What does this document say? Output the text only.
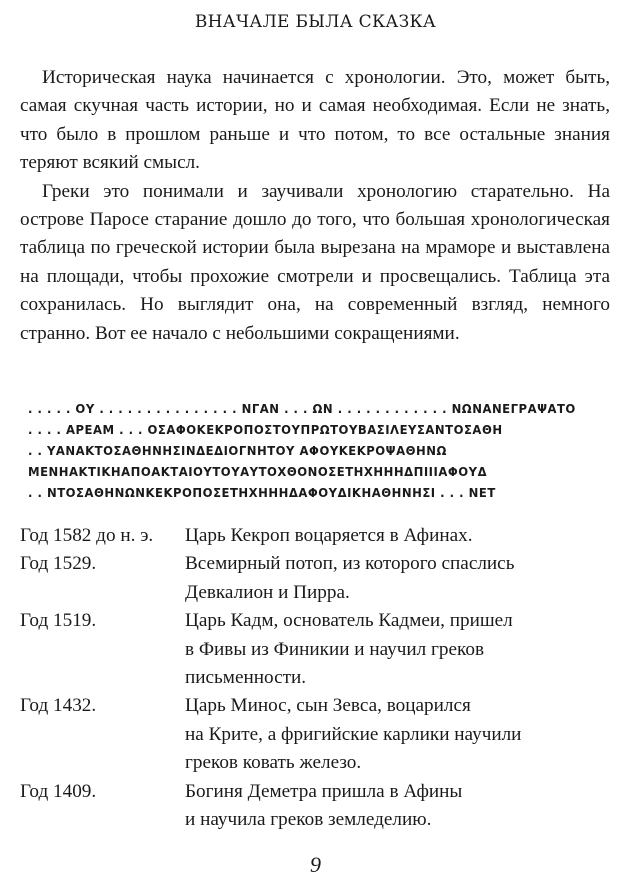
ВНАЧАЛЕ БЫЛА СКАЗКА

Историческая наука начинается с хронологии. Это, может быть, самая скучная часть истории, но и самая необходимая. Если не знать, что было в прошлом раньше и что потом, то все остальные знания теряют всякий смысл.

Греки это понимали и заучивали хронологию старательно. На острове Паросе старание дошло до того, что большая хронологическая таблица по греческой истории была вырезана на мраморе и выставлена на площади, чтобы прохожие смотрели и просвещались. Таблица эта сохранилась. Но выглядит она, на современный взгляд, немного странно. Вот ее начало с небольшими сокращениями.

. . . . . ΟΥ . . . . . . . . . . . . . . . ΝΓΑΝ . . . ΩΝ . . . . . . . . . . . . ΝΩΝΑΝΕΓΡΑΨΑΤΟ
. . . . ΑΡΕΑΜ . . . ΟΣΑΦΟΚΕΚΡΟΠΟΣΤΟΥΠΡΩΤΟΥΒΑΣΙΛΕΥΣΑΝΤΟΣΑΘΗ
. . ΥΑΝΑΚΤΟΣΑΘΗΝΗΣΙΝΔΕΔΙΟΓΝΗΤΟΥ ΑΦΟΥΚΕΚΡΟΨΑΘΗΝΩ
ΜΕΝΗΑΚΤΙΚΗΑΠΟΑΚΤΑΙΟΥΤΟΥΑΥΤΟΧΘΟΝΟΣΕΤΗΧΗΗΗΔΠΙΙΙΑΦΟΥΔ
. . ΝΤΟΣΑΘΗΝΩΝΚΕΚΡΟΠΟΣΕΤΗΧΗΗΗΔΑΦΟΥΔΙΚΗΑΘΗΝΗΣΙ . . . ΝΕΤ
Год 1582 до н. э.	Царь Кекроп воцаряется в Афинах.
Год 1529.	Всемирный потоп, из которого спаслись
Девкалион и Пирра.
Год 1519.	Царь Кадм, основатель Кадмеи, пришел
в Фивы из Финикии и научил греков
письменности.
Год 1432.	Царь Минос, сын Зевса, воцарился
на Крите, а фригийские карлики научили
греков ковать железо.
Год 1409.	Богиня Деметра пришла в Афины
и научила греков земледелию.
9
